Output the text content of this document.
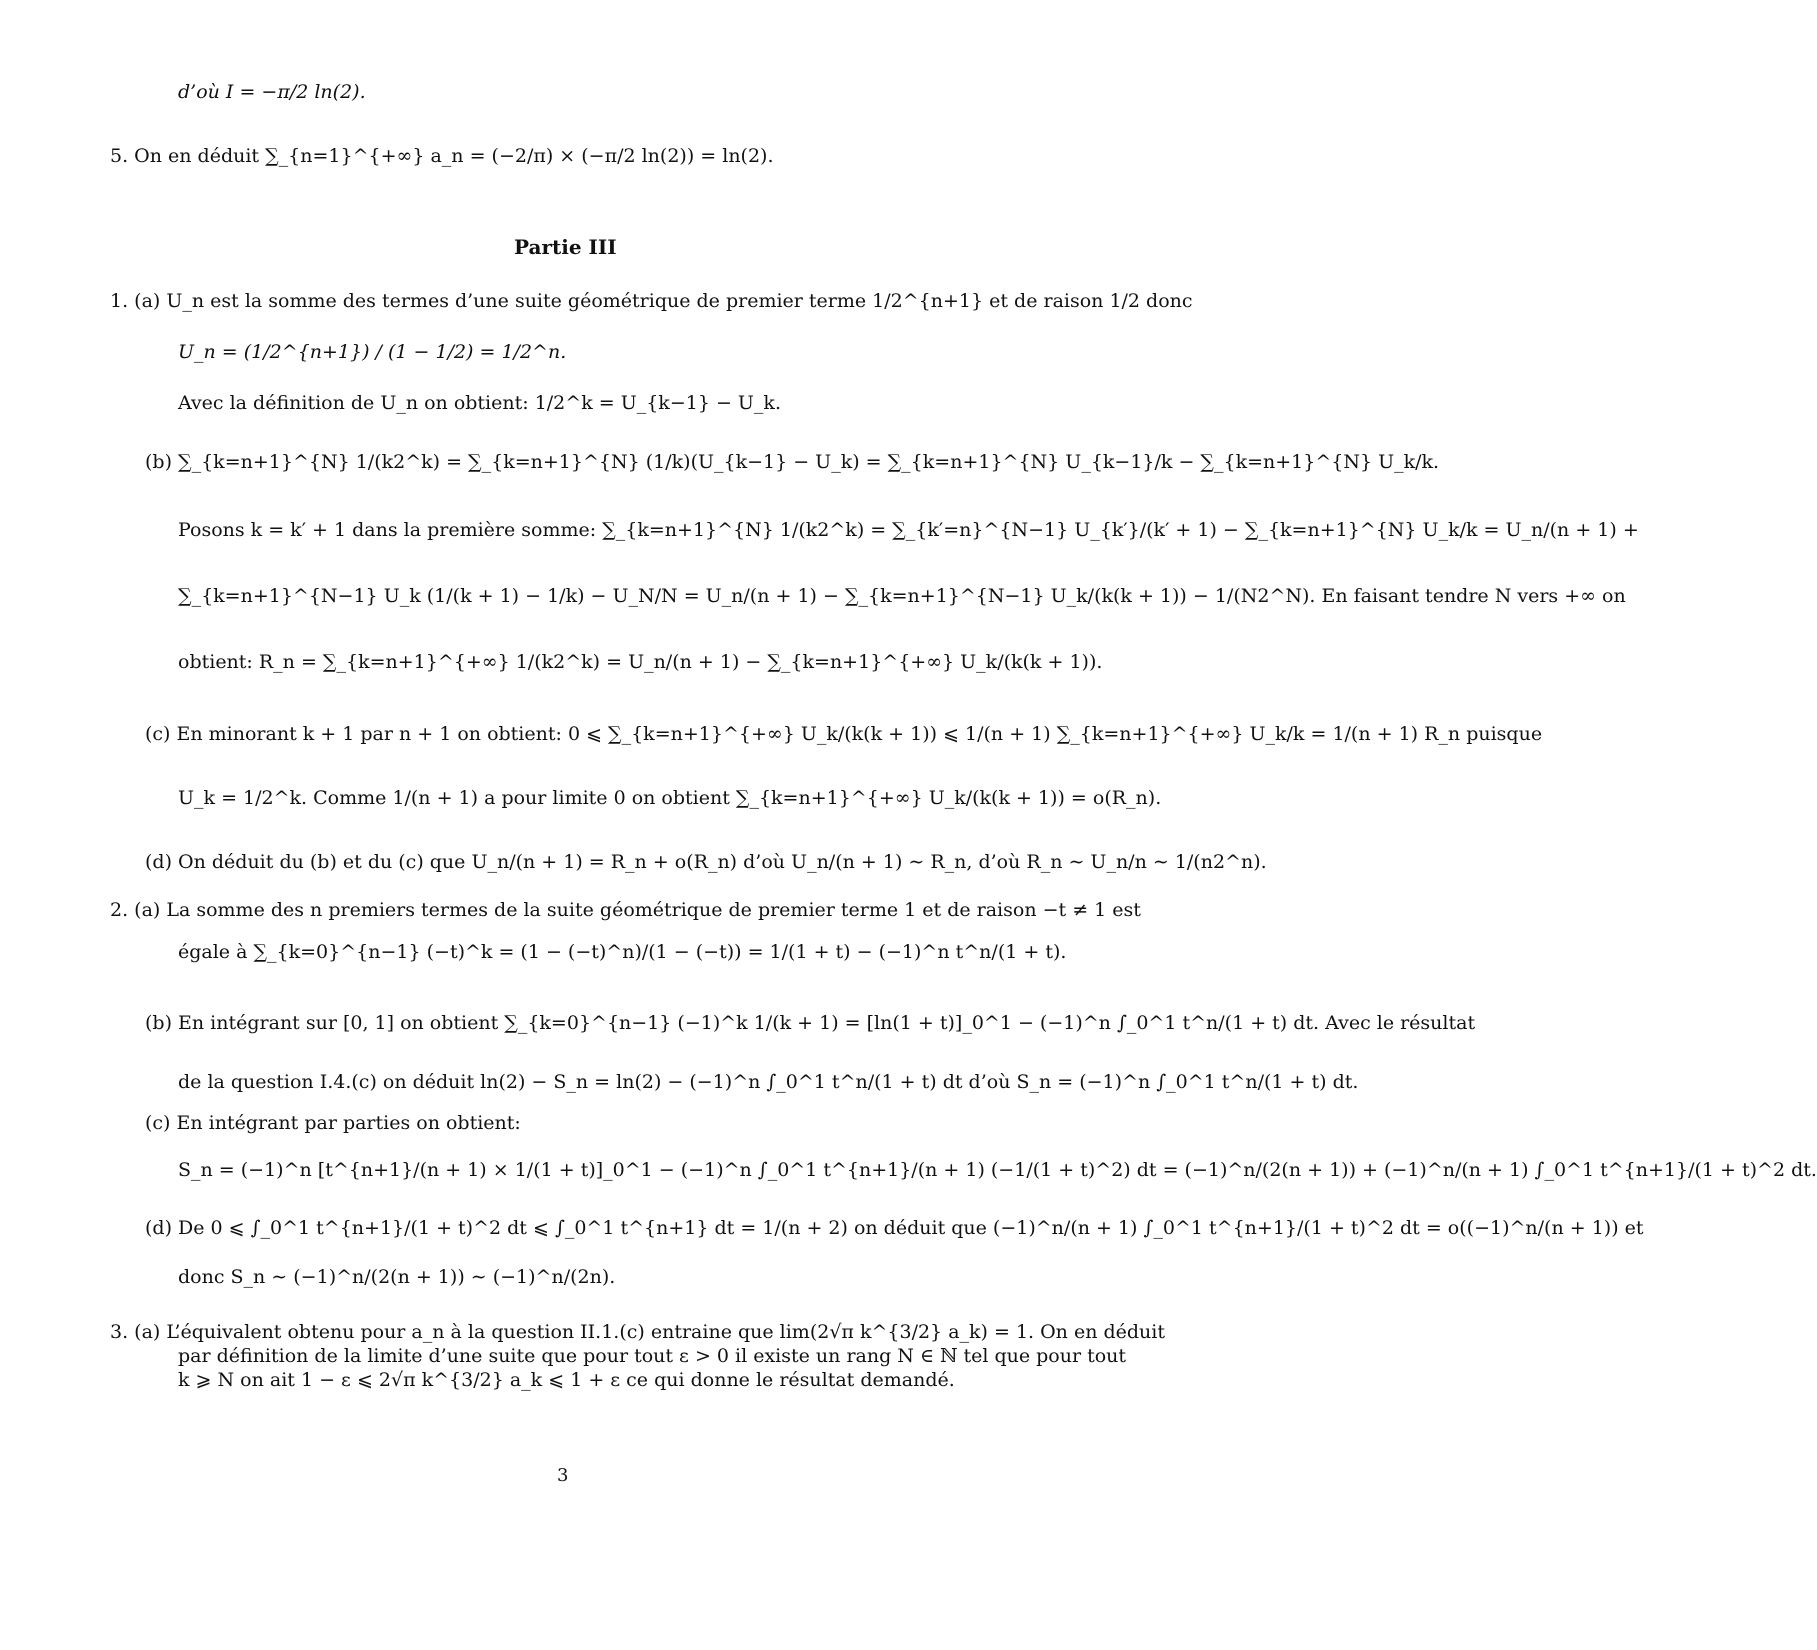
d’où I = −π/2 ln(2).
5. On en déduit ∑_{n=1}^{+∞} a_n = (−2/π) × (−π/2 ln(2)) = ln(2).
Partie III
1. (a) U_n est la somme des termes d’une suite géométrique de premier terme 1/2^{n+1} et de raison 1/2 donc
U_n = (1/2^{n+1}) / (1 − 1/2) = 1/2^n.
Avec la définition de U_n on obtient: 1/2^k = U_{k−1} − U_k.
(b) ∑_{k=n+1}^{N} 1/(k2^k) = ∑_{k=n+1}^{N} (1/k)(U_{k−1} − U_k) = ∑_{k=n+1}^{N} U_{k−1}/k − ∑_{k=n+1}^{N} U_k/k.
Posons k = k′ + 1 dans la première somme: ∑_{k=n+1}^{N} 1/(k2^k) = ∑_{k′=n}^{N−1} U_{k′}/(k′ + 1) − ∑_{k=n+1}^{N} U_k/k = U_n/(n + 1) +
∑_{k=n+1}^{N−1} U_k (1/(k + 1) − 1/k) − U_N/N = U_n/(n + 1) − ∑_{k=n+1}^{N−1} U_k/(k(k + 1)) − 1/(N2^N). En faisant tendre N vers +∞ on
obtient: R_n = ∑_{k=n+1}^{+∞} 1/(k2^k) = U_n/(n + 1) − ∑_{k=n+1}^{+∞} U_k/(k(k + 1)).
(c) En minorant k + 1 par n + 1 on obtient: 0 ⩽ ∑_{k=n+1}^{+∞} U_k/(k(k + 1)) ⩽ 1/(n + 1) ∑_{k=n+1}^{+∞} U_k/k = 1/(n + 1) R_n puisque
U_k = 1/2^k. Comme 1/(n + 1) a pour limite 0 on obtient ∑_{k=n+1}^{+∞} U_k/(k(k + 1)) = o(R_n).
(d) On déduit du (b) et du (c) que U_n/(n + 1) = R_n + o(R_n) d’où U_n/(n + 1) ∼ R_n, d’où R_n ∼ U_n/n ∼ 1/(n2^n).
2. (a) La somme des n premiers termes de la suite géométrique de premier terme 1 et de raison −t ≠ 1 est
égale à ∑_{k=0}^{n−1} (−t)^k = (1 − (−t)^n)/(1 − (−t)) = 1/(1 + t) − (−1)^n t^n/(1 + t).
(b) En intégrant sur [0, 1] on obtient ∑_{k=0}^{n−1} (−1)^k 1/(k + 1) = [ln(1 + t)]_0^1 − (−1)^n ∫_0^1 t^n/(1 + t) dt. Avec le résultat
de la question I.4.(c) on déduit ln(2) − S_n = ln(2) − (−1)^n ∫_0^1 t^n/(1 + t) dt d’où S_n = (−1)^n ∫_0^1 t^n/(1 + t) dt.
(c) En intégrant par parties on obtient:
S_n = (−1)^n [t^{n+1}/(n + 1) × 1/(1 + t)]_0^1 − (−1)^n ∫_0^1 t^{n+1}/(n + 1) (−1/(1 + t)^2) dt = (−1)^n/(2(n + 1)) + (−1)^n/(n + 1) ∫_0^1 t^{n+1}/(1 + t)^2 dt.
(d) De 0 ⩽ ∫_0^1 t^{n+1}/(1 + t)^2 dt ⩽ ∫_0^1 t^{n+1} dt = 1/(n + 2) on déduit que (−1)^n/(n + 1) ∫_0^1 t^{n+1}/(1 + t)^2 dt = o((−1)^n/(n + 1)) et
donc S_n ∼ (−1)^n/(2(n + 1)) ∼ (−1)^n/(2n).
3. (a) L’équivalent obtenu pour a_n à la question II.1.(c) entraine que lim(2√π k^{3/2} a_k) = 1. On en déduit
par définition de la limite d’une suite que pour tout ε > 0 il existe un rang N ∈ ℕ tel que pour tout
k ⩾ N on ait 1 − ε ⩽ 2√π k^{3/2} a_k ⩽ 1 + ε ce qui donne le résultat demandé.
3
